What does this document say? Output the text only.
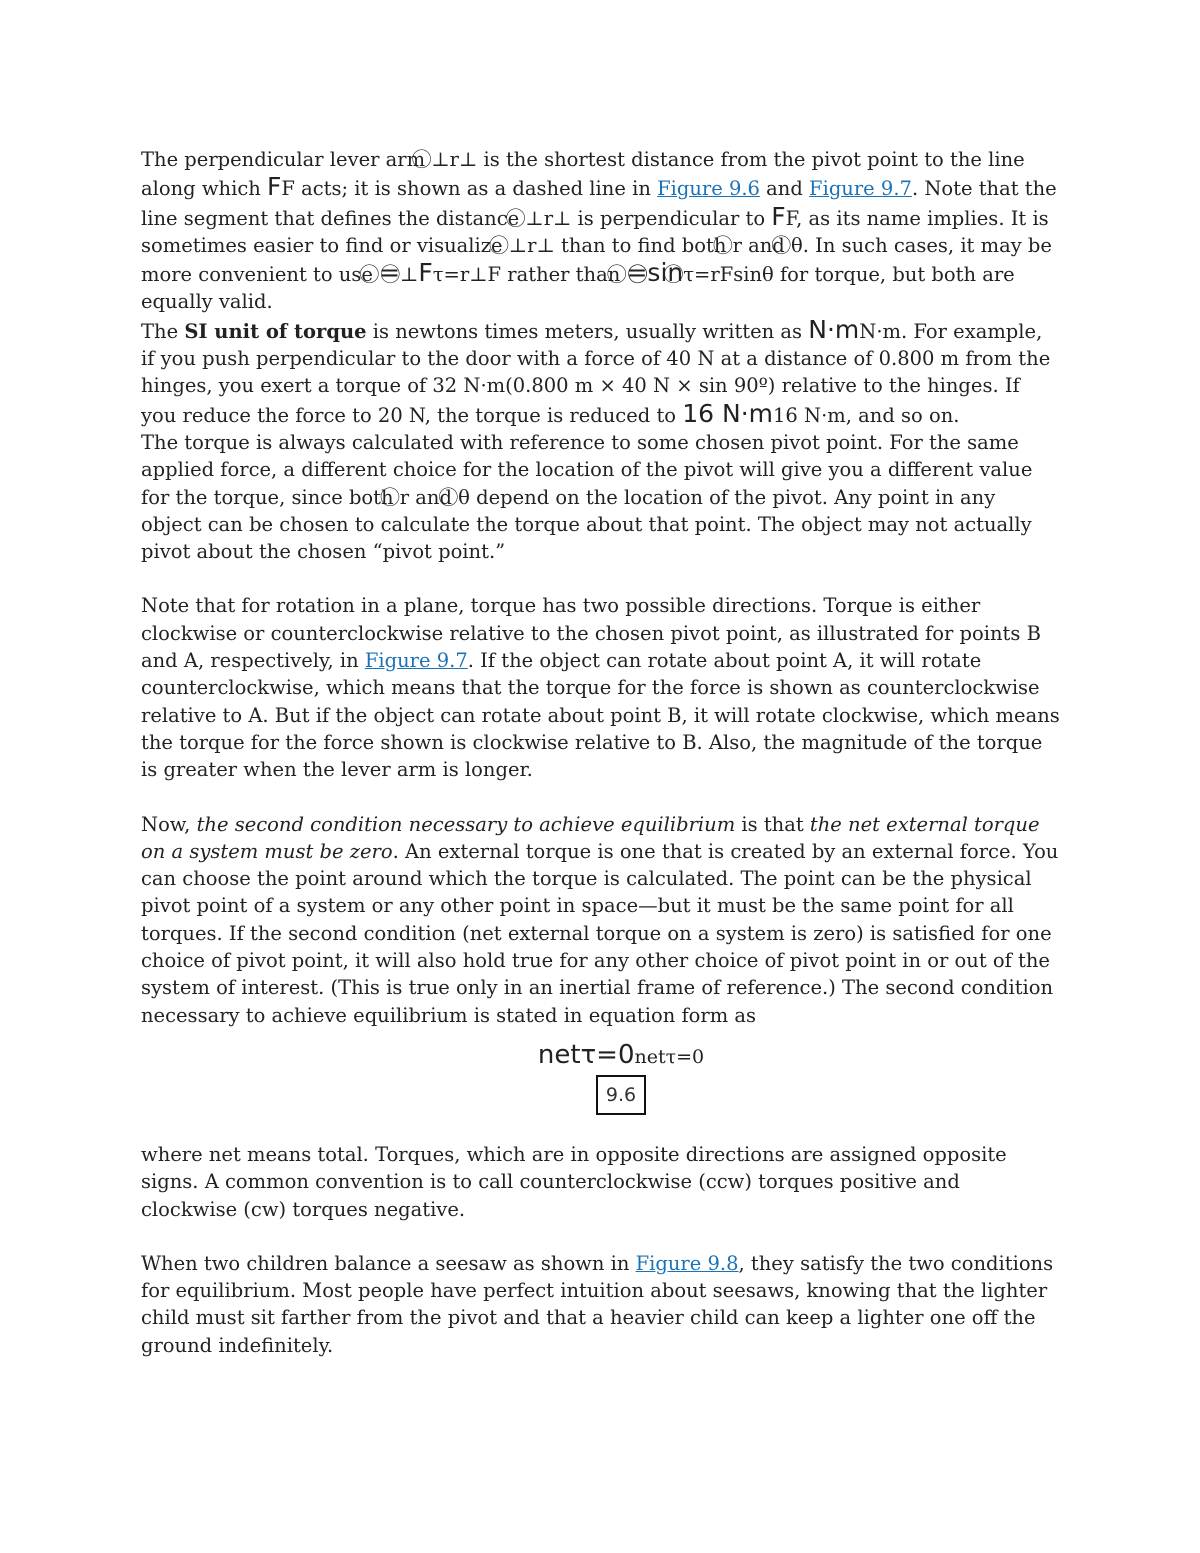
The perpendicular lever arm ⊥r⊥ is the shortest distance from the pivot point to the line along which FF acts; it is shown as a dashed line in Figure 9.6 and Figure 9.7. Note that the line segment that defines the distance ⊥r⊥ is perpendicular to FF, as its name implies. It is sometimes easier to find or visualize ⊥r⊥ than to find both r and θ. In such cases, it may be more convenient to use =⊥Fτ=r⊥F rather than =sinτ=rFsinθ for torque, but both are equally valid.

The SI unit of torque is newtons times meters, usually written as N·mN·m. For example, if you push perpendicular to the door with a force of 40 N at a distance of 0.800 m from the hinges, you exert a torque of 32 N·m(0.800 m × 40 N × sin 90º) relative to the hinges. If you reduce the force to 20 N, the torque is reduced to 16 N·m16 N·m, and so on.

The torque is always calculated with reference to some chosen pivot point. For the same applied force, a different choice for the location of the pivot will give you a different value for the torque, since both r and θ depend on the location of the pivot. Any point in any object can be chosen to calculate the torque about that point. The object may not actually pivot about the chosen “pivot point.”

Note that for rotation in a plane, torque has two possible directions. Torque is either clockwise or counterclockwise relative to the chosen pivot point, as illustrated for points B and A, respectively, in Figure 9.7. If the object can rotate about point A, it will rotate counterclockwise, which means that the torque for the force is shown as counterclockwise relative to A. But if the object can rotate about point B, it will rotate clockwise, which means the torque for the force shown is clockwise relative to B. Also, the magnitude of the torque is greater when the lever arm is longer.

Now, the second condition necessary to achieve equilibrium is that the net external torque on a system must be zero. An external torque is one that is created by an external force. You can choose the point around which the torque is calculated. The point can be the physical pivot point of a system or any other point in space—but it must be the same point for all torques. If the second condition (net external torque on a system is zero) is satisfied for one choice of pivot point, it will also hold true for any other choice of pivot point in or out of the system of interest. (This is true only in an inertial frame of reference.) The second condition necessary to achieve equilibrium is stated in equation form as

netτ=0netτ=0
9.6

where net means total. Torques, which are in opposite directions are assigned opposite signs. A common convention is to call counterclockwise (ccw) torques positive and clockwise (cw) torques negative.

When two children balance a seesaw as shown in Figure 9.8, they satisfy the two conditions for equilibrium. Most people have perfect intuition about seesaws, knowing that the lighter child must sit farther from the pivot and that a heavier child can keep a lighter one off the ground indefinitely.
